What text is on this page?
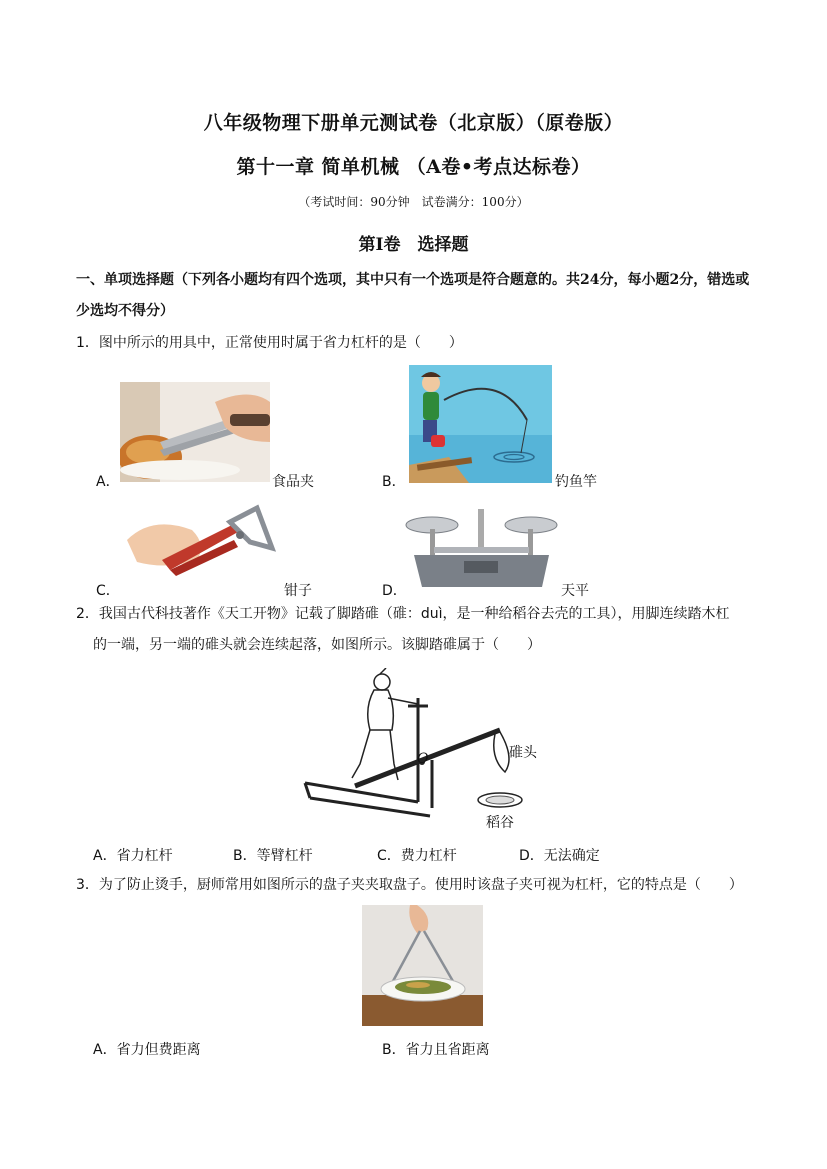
八年级物理下册单元测试卷（北京版）（原卷版）
第十一章 简单机械 （A卷•考点达标卷）
（考试时间：90分钟　试卷满分：100分）
第Ⅰ卷　选择题
一、单项选择题（下列各小题均有四个选项，其中只有一个选项是符合题意的。共24分，每小题2分，错选或少选均不得分）
1．图中所示的用具中，正常使用时属于省力杠杆的是（　　）
A．	食品夹	B．	钓鱼竿
C．	钳子	D．	天平
2．我国古代科技著作《天工开物》记载了脚踏碓（碓：duì，是一种给稻谷去壳的工具），用脚连续踏木杠
的一端，另一端的碓头就会连续起落，如图所示。该脚踏碓属于（　　）
O	碓头
稻谷
A．省力杠杆	B．等臂杠杆	C．费力杠杆	D．无法确定
3．为了防止烫手，厨师常用如图所示的盘子夹夹取盘子。使用时该盘子夹可视为杠杆，它的特点是（　　）
A．省力但费距离	B．省力且省距离
